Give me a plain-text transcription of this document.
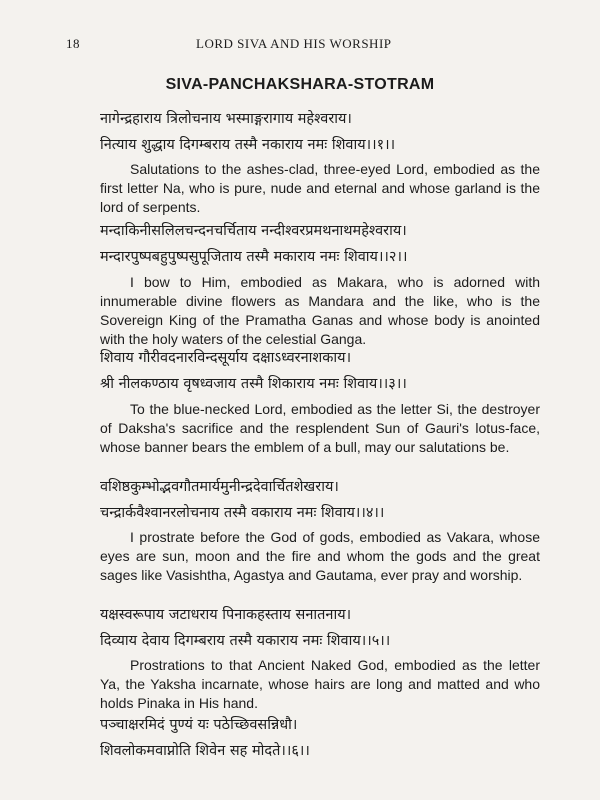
18	LORD SIVA AND HIS WORSHIP
SIVA-PANCHAKSHARA-STOTRAM
नागेन्द्रहाराय त्रिलोचनाय भस्माङ्गरागाय महेश्वराय।
नित्याय शुद्धाय दिगम्बराय तस्मै नकाराय नमः शिवाय।।१।।
Salutations to the ashes-clad, three-eyed Lord, embodied as the first letter Na, who is pure, nude and eternal and whose garland is the lord of serpents.
मन्दाकिनीसलिलचन्दनचर्चिताय नन्दीश्वरप्रमथनाथमहेश्वराय।
मन्दारपुष्पबहुपुष्पसुपूजिताय तस्मै मकाराय नमः शिवाय।।२।।
I bow to Him, embodied as Makara, who is adorned with innumerable divine flowers as Mandara and the like, who is the Sovereign King of the Pramatha Ganas and whose body is anointed with the holy waters of the celestial Ganga.
शिवाय गौरीवदनारविन्दसूर्याय दक्षाऽध्वरनाशकाय।
श्री नीलकण्ठाय वृषध्वजाय तस्मै शिकाराय नमः शिवाय।।३।।
To the blue-necked Lord, embodied as the letter Si, the destroyer of Daksha's sacrifice and the resplendent Sun of Gauri's lotus-face, whose banner bears the emblem of a bull, may our salutations be.
वशिष्ठकुम्भोद्भवगौतमार्यमुनीन्द्रदेवार्चितशेखराय।
चन्द्रार्कवैश्वानरलोचनाय तस्मै वकाराय नमः शिवाय।।४।।
I prostrate before the God of gods, embodied as Vakara, whose eyes are sun, moon and the fire and whom the gods and the great sages like Vasishtha, Agastya and Gautama, ever pray and worship.
यक्षस्वरूपाय जटाधराय पिनाकहस्ताय सनातनाय।
दिव्याय देवाय दिगम्बराय तस्मै यकाराय नमः शिवाय।।५।।
Prostrations to that Ancient Naked God, embodied as the letter Ya, the Yaksha incarnate, whose hairs are long and matted and who holds Pinaka in His hand.
पञ्चाक्षरमिदं पुण्यं यः पठेच्छिवसन्निधौ।
शिवलोकमवाप्नोति शिवेन सह मोदते।।६।।
